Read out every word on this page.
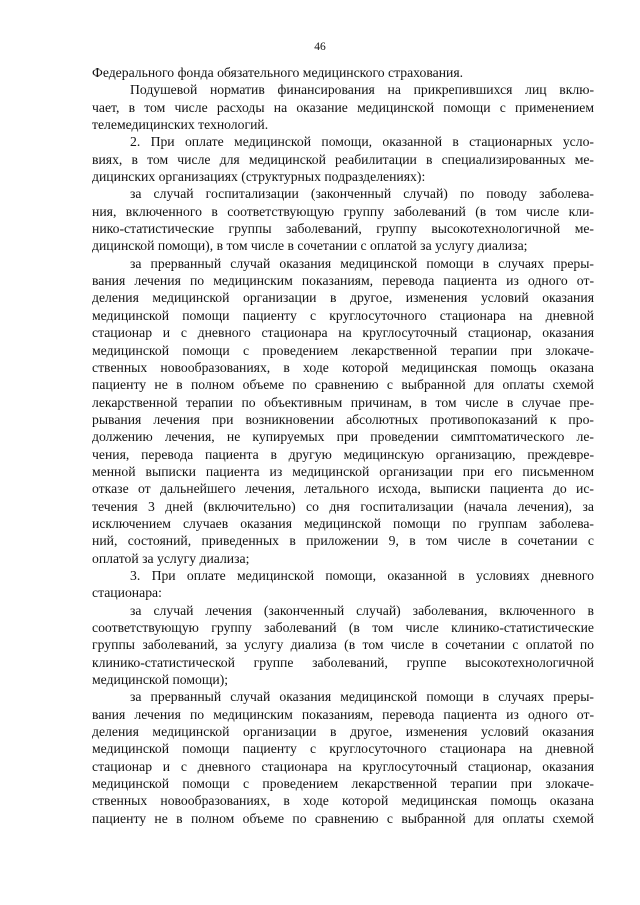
46
Федерального фонда обязательного медицинского страхования.
Подушевой норматив финансирования на прикрепившихся лиц вклю-
чает, в том числе расходы на оказание медицинской помощи с применением
телемедицинских технологий.
2. При оплате медицинской помощи, оказанной в стационарных усло-
виях, в том числе для медицинской реабилитации в специализированных ме-
дицинских организациях (структурных подразделениях):
за случай госпитализации (законченный случай) по поводу заболева-
ния, включенного в соответствующую группу заболеваний (в том числе кли-
нико-статистические группы заболеваний, группу высокотехнологичной ме-
дицинской помощи), в том числе в сочетании с оплатой за услугу диализа;
за прерванный случай оказания медицинской помощи в случаях преры-
вания лечения по медицинским показаниям, перевода пациента из одного от-
деления медицинской организации в другое, изменения условий оказания
медицинской помощи пациенту с круглосуточного стационара на дневной
стационар и с дневного стационара на круглосуточный стационар, оказания
медицинской помощи с проведением лекарственной терапии при злокаче-
ственных новообразованиях, в ходе которой медицинская помощь оказана
пациенту не в полном объеме по сравнению с выбранной для оплаты схемой
лекарственной терапии по объективным причинам, в том числе в случае пре-
рывания лечения при возникновении абсолютных противопоказаний к про-
должению лечения, не купируемых при проведении симптоматического ле-
чения, перевода пациента в другую медицинскую организацию, преждевре-
менной выписки пациента из медицинской организации при его письменном
отказе от дальнейшего лечения, летального исхода, выписки пациента до ис-
течения 3 дней (включительно) со дня госпитализации (начала лечения), за
исключением случаев оказания медицинской помощи по группам заболева-
ний, состояний, приведенных в приложении 9, в том числе в сочетании с
оплатой за услугу диализа;
3. При оплате медицинской помощи, оказанной в условиях дневного
стационара:
за случай лечения (законченный случай) заболевания, включенного в
соответствующую группу заболеваний (в том числе клинико-статистические
группы заболеваний, за услугу диализа (в том числе в сочетании с оплатой по
клинико-статистической группе заболеваний, группе высокотехнологичной
медицинской помощи);
за прерванный случай оказания медицинской помощи в случаях преры-
вания лечения по медицинским показаниям, перевода пациента из одного от-
деления медицинской организации в другое, изменения условий оказания
медицинской помощи пациенту с круглосуточного стационара на дневной
стационар и с дневного стационара на круглосуточный стационар, оказания
медицинской помощи с проведением лекарственной терапии при злокаче-
ственных новообразованиях, в ходе которой медицинская помощь оказана
пациенту не в полном объеме по сравнению с выбранной для оплаты схемой
